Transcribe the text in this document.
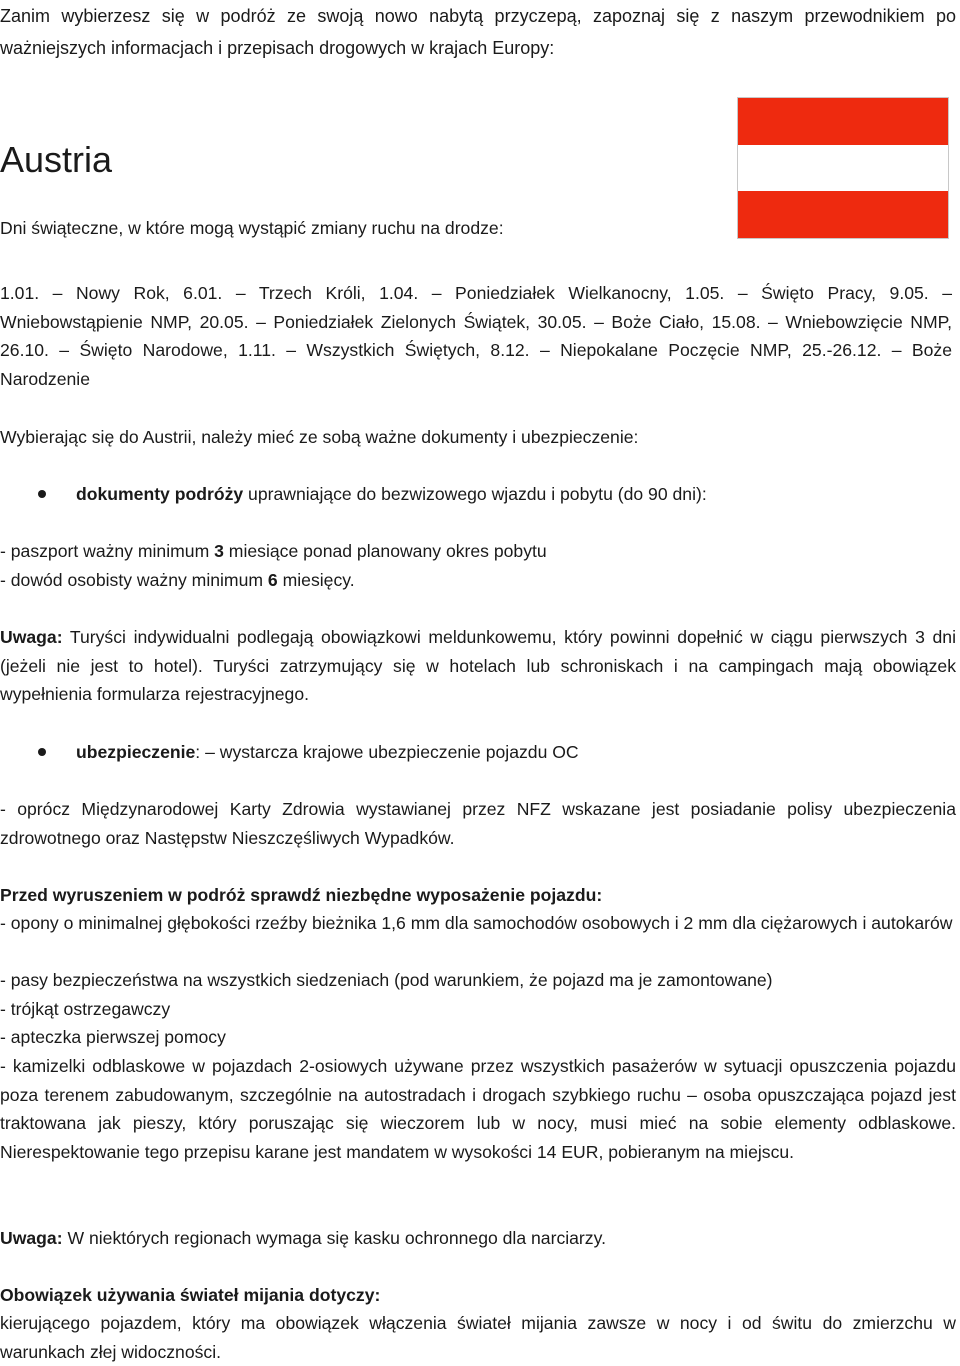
Zanim wybierzesz się w podróż ze swoją nowo nabytą przyczepą, zapoznaj się z naszym przewodnikiem po ważniejszych informacjach i przepisach drogowych w krajach Europy:

Austria

Dni świąteczne, w które mogą wystąpić zmiany ruchu na drodze:

1.01. – Nowy Rok, 6.01. – Trzech Króli, 1.04. – Poniedziałek Wielkanocny, 1.05. – Święto Pracy, 9.05. – Wniebowstąpienie NMP, 20.05. – Poniedziałek Zielonych Świątek, 30.05. – Boże Ciało, 15.08. – Wniebowzięcie NMP, 26.10. – Święto Narodowe, 1.11. – Wszystkich Świętych, 8.12. – Niepokalane Poczęcie NMP, 25.-26.12. – Boże Narodzenie

Wybierając się do Austrii, należy mieć ze sobą ważne dokumenty i ubezpieczenie:

dokumenty podróży uprawniające do bezwizowego wjazdu i pobytu (do 90 dni):

- paszport ważny minimum 3 miesiące ponad planowany okres pobytu

- dowód osobisty ważny minimum 6 miesięcy.

Uwaga: Turyści indywidualni podlegają obowiązkowi meldunkowemu, który powinni dopełnić w ciągu pierwszych 3 dni (jeżeli nie jest to hotel). Turyści zatrzymujący się w hotelach lub schroniskach i na campingach mają obowiązek wypełnienia formularza rejestracyjnego.

ubezpieczenie: – wystarcza krajowe ubezpieczenie pojazdu OC

- oprócz Międzynarodowej Karty Zdrowia wystawianej przez NFZ wskazane jest posiadanie polisy ubezpieczenia zdrowotnego oraz Następstw Nieszczęśliwych Wypadków.

Przed wyruszeniem w podróż sprawdź niezbędne wyposażenie pojazdu:

- opony o minimalnej głębokości rzeźby bieżnika 1,6 mm dla samochodów osobowych i 2 mm dla ciężarowych i autokarów

- pasy bezpieczeństwa na wszystkich siedzeniach (pod warunkiem, że pojazd ma je zamontowane)

- trójkąt ostrzegawczy

- apteczka pierwszej pomocy

- kamizelki odblaskowe w pojazdach 2-osiowych używane przez wszystkich pasażerów w sytuacji opuszczenia pojazdu poza terenem zabudowanym, szczególnie na autostradach i drogach szybkiego ruchu – osoba opuszczająca pojazd jest traktowana jak pieszy, który poruszając się wieczorem lub w nocy, musi mieć na sobie elementy odblaskowe. Nierespektowanie tego przepisu karane jest mandatem w wysokości 14 EUR, pobieranym na miejscu.

Uwaga: W niektórych regionach wymaga się kasku ochronnego dla narciarzy.

Obowiązek używania świateł mijania dotyczy:

kierującego pojazdem, który ma obowiązek włączenia świateł mijania zawsze w nocy i od świtu do zmierzchu w warunkach złej widoczności.
